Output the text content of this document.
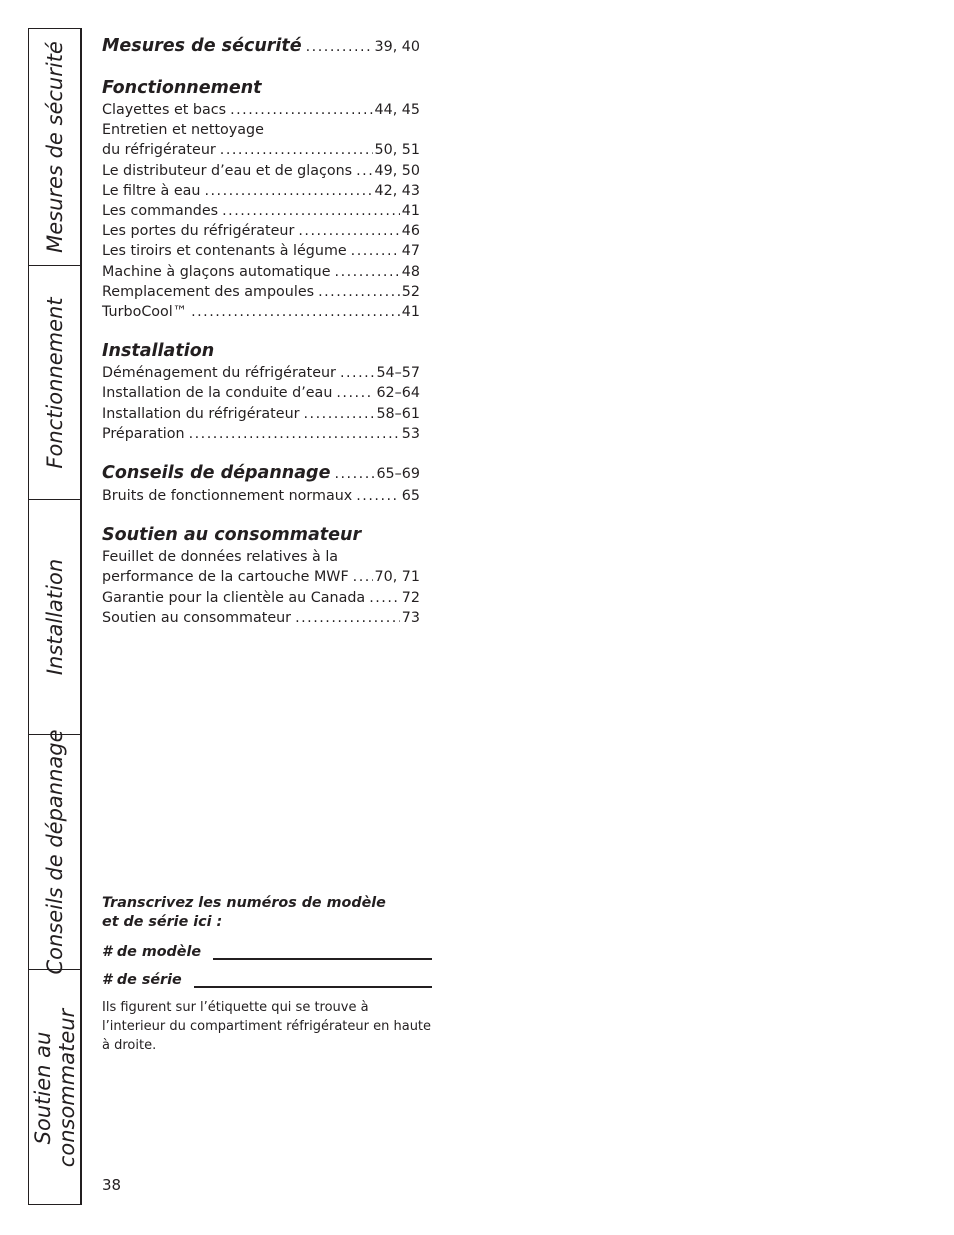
Mesures de sécurité
Fonctionnement
Installation
Conseils de dépannage
Soutien au consommateur
Mesures de sécurité .....	39, 40
Fonctionnement
Clayettes et bacs .....	44, 45
Entretien et nettoyage
du réfrigérateur .....	50, 51
Le distributeur d’eau et de glaçons ..... 49, 50
Le filtre à eau .....	42, 43
Les commandes .....	41
Les portes du réfrigérateur .....	46
Les tiroirs et contenants à légume .....	47
Machine à glaçons automatique .....	48
Remplacement des ampoules .....	52
TurboCool™ .....	41
Installation
Déménagement du réfrigérateur .....	54–57
Installation de la conduite d’eau .....	62–64
Installation du réfrigérateur .....	58–61
Préparation .....	53
Conseils de dépannage .....	65–69
Bruits de fonctionnement normaux .....	65
Soutien au consommateur
Feuillet de données relatives à la
performance de la cartouche MWF ..... 70, 71
Garantie pour la clientèle au Canada .....	72
Soutien au consommateur .....	73
Transcrivez les numéros de modèle et de série ici :
# de modèle
# de série
Ils figurent sur l’étiquette qui se trouve à l’interieur du compartiment réfrigérateur en haute à droite.
38
